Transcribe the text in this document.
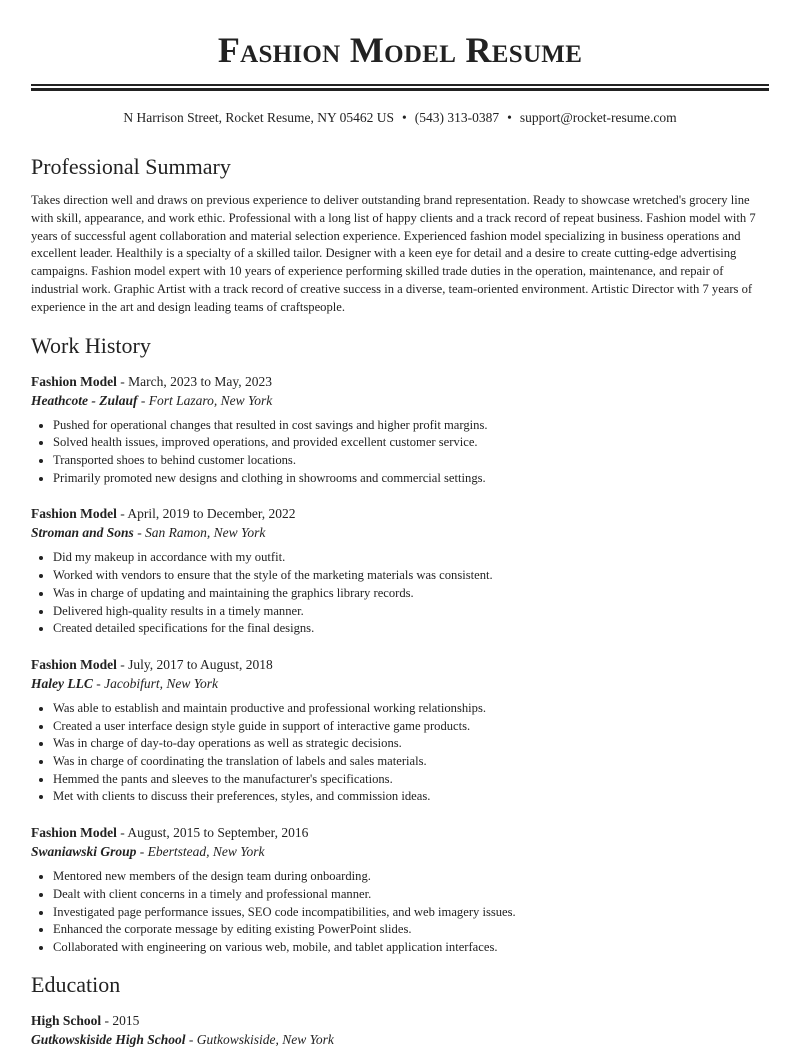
Fashion Model Resume
N Harrison Street, Rocket Resume, NY 05462 US • (543) 313-0387 • support@rocket-resume.com
Professional Summary
Takes direction well and draws on previous experience to deliver outstanding brand representation. Ready to showcase wretched's grocery line with skill, appearance, and work ethic. Professional with a long list of happy clients and a track record of repeat business. Fashion model with 7 years of successful agent collaboration and material selection experience. Experienced fashion model specializing in business operations and excellent leader. Healthily is a specialty of a skilled tailor. Designer with a keen eye for detail and a desire to create cutting-edge advertising campaigns. Fashion model expert with 10 years of experience performing skilled trade duties in the operation, maintenance, and repair of industrial work. Graphic Artist with a track record of creative success in a diverse, team-oriented environment. Artistic Director with 7 years of experience in the art and design leading teams of craftspeople.
Work History
Fashion Model - March, 2023 to May, 2023
Heathcote - Zulauf - Fort Lazaro, New York
• Pushed for operational changes that resulted in cost savings and higher profit margins.
• Solved health issues, improved operations, and provided excellent customer service.
• Transported shoes to behind customer locations.
• Primarily promoted new designs and clothing in showrooms and commercial settings.
Fashion Model - April, 2019 to December, 2022
Stroman and Sons - San Ramon, New York
• Did my makeup in accordance with my outfit.
• Worked with vendors to ensure that the style of the marketing materials was consistent.
• Was in charge of updating and maintaining the graphics library records.
• Delivered high-quality results in a timely manner.
• Created detailed specifications for the final designs.
Fashion Model - July, 2017 to August, 2018
Haley LLC - Jacobifurt, New York
• Was able to establish and maintain productive and professional working relationships.
• Created a user interface design style guide in support of interactive game products.
• Was in charge of day-to-day operations as well as strategic decisions.
• Was in charge of coordinating the translation of labels and sales materials.
• Hemmed the pants and sleeves to the manufacturer's specifications.
• Met with clients to discuss their preferences, styles, and commission ideas.
Fashion Model - August, 2015 to September, 2016
Swaniawski Group - Ebertstead, New York
• Mentored new members of the design team during onboarding.
• Dealt with client concerns in a timely and professional manner.
• Investigated page performance issues, SEO code incompatibilities, and web imagery issues.
• Enhanced the corporate message by editing existing PowerPoint slides.
• Collaborated with engineering on various web, mobile, and tablet application interfaces.
Education
High School - 2015
Gutkowskiside High School - Gutkowskiside, New York
